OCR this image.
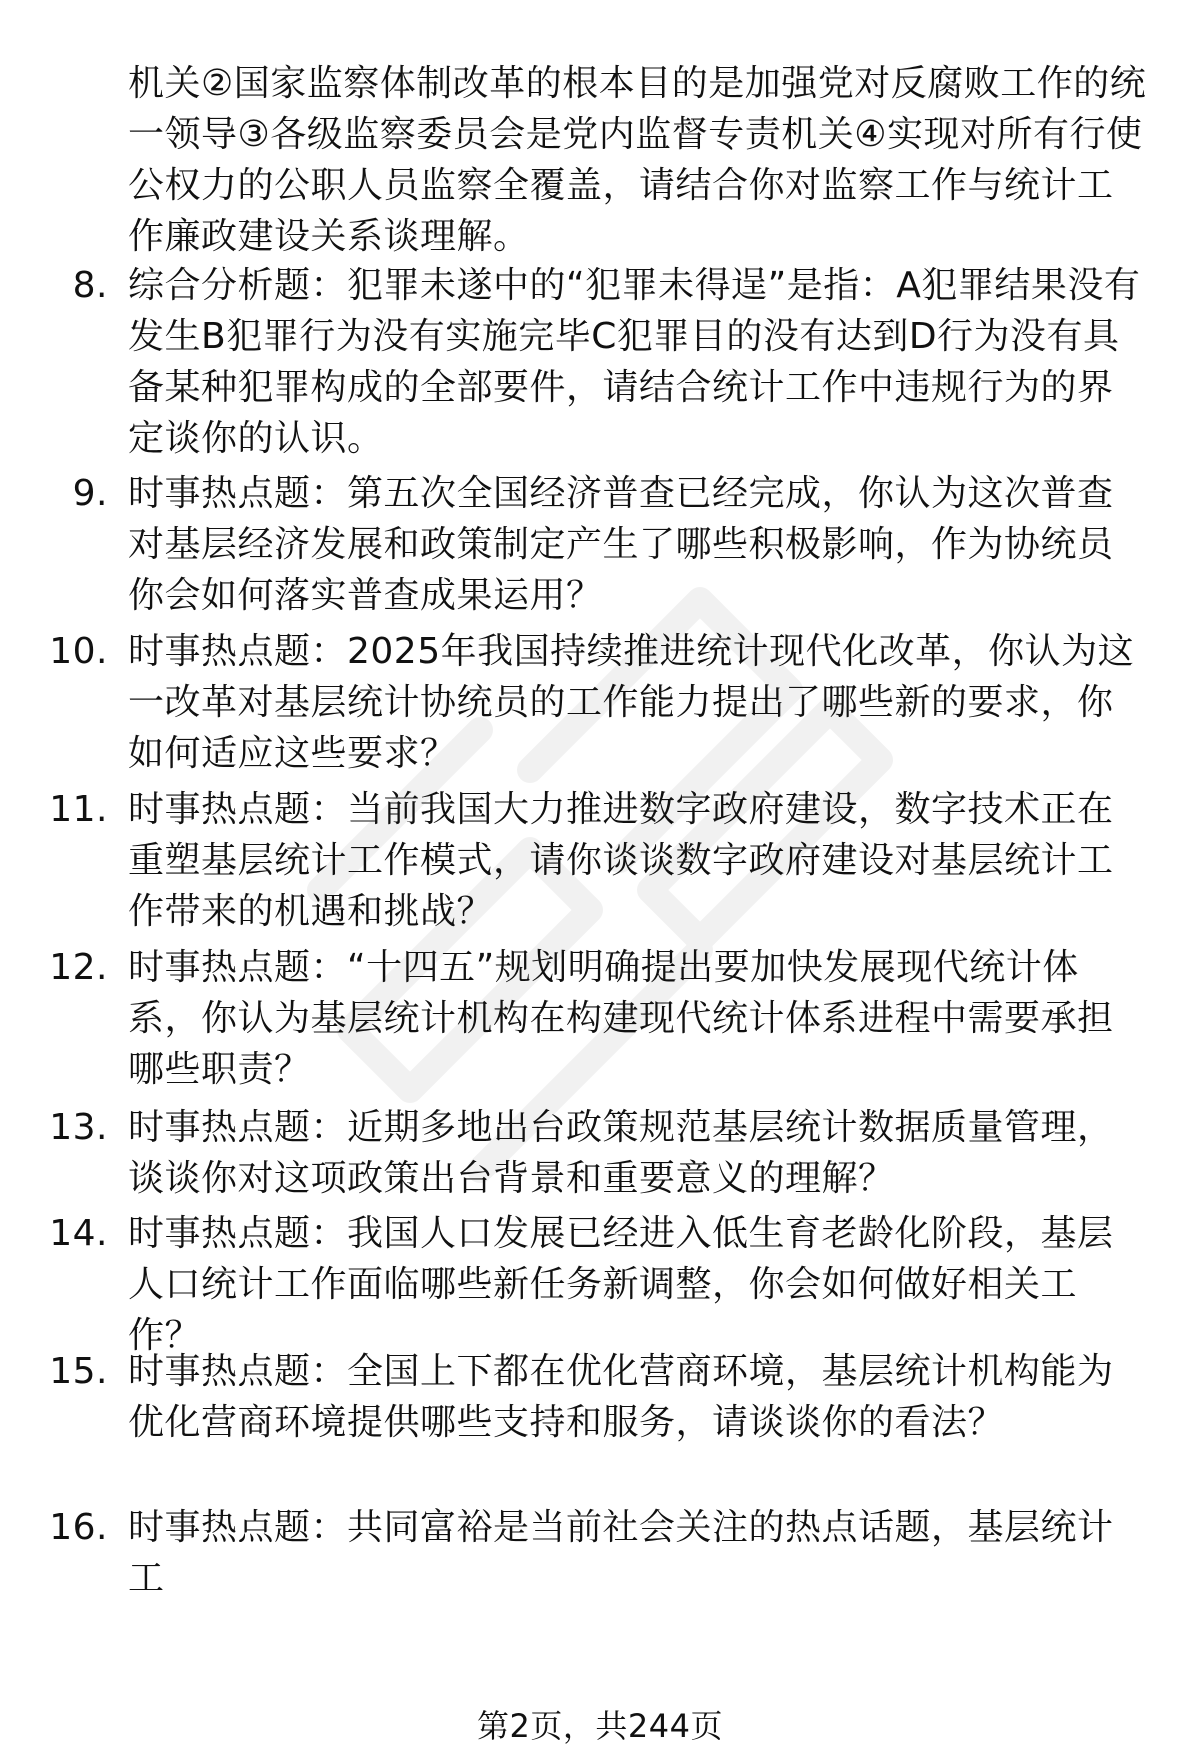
机关②国家监察体制改革的根本目的是加强党对反腐败工作的统一领导③各级监察委员会是党内监督专责机关④实现对所有行使公权力的公职人员监察全覆盖，请结合你对监察工作与统计工作廉政建设关系谈理解。
8. 综合分析题：犯罪未遂中的“犯罪未得逞”是指：A犯罪结果没有发生B犯罪行为没有实施完毕C犯罪目的没有达到D行为没有具备某种犯罪构成的全部要件，请结合统计工作中违规行为的界定谈你的认识。
9. 时事热点题：第五次全国经济普查已经完成，你认为这次普查对基层经济发展和政策制定产生了哪些积极影响，作为协统员你会如何落实普查成果运用？
10. 时事热点题：2025年我国持续推进统计现代化改革，你认为这一改革对基层统计协统员的工作能力提出了哪些新的要求，你如何适应这些要求？
11. 时事热点题：当前我国大力推进数字政府建设，数字技术正在重塑基层统计工作模式，请你谈谈数字政府建设对基层统计工作带来的机遇和挑战？
12. 时事热点题：“十四五”规划明确提出要加快发展现代统计体系，你认为基层统计机构在构建现代统计体系进程中需要承担哪些职责？
13. 时事热点题：近期多地出台政策规范基层统计数据质量管理，谈谈你对这项政策出台背景和重要意义的理解？
14. 时事热点题：我国人口发展已经进入低生育老龄化阶段，基层人口统计工作面临哪些新任务新调整，你会如何做好相关工作？
15. 时事热点题：全国上下都在优化营商环境，基层统计机构能为优化营商环境提供哪些支持和服务，请谈谈你的看法？
16. 时事热点题：共同富裕是当前社会关注的热点话题，基层统计工
第2页，共244页
